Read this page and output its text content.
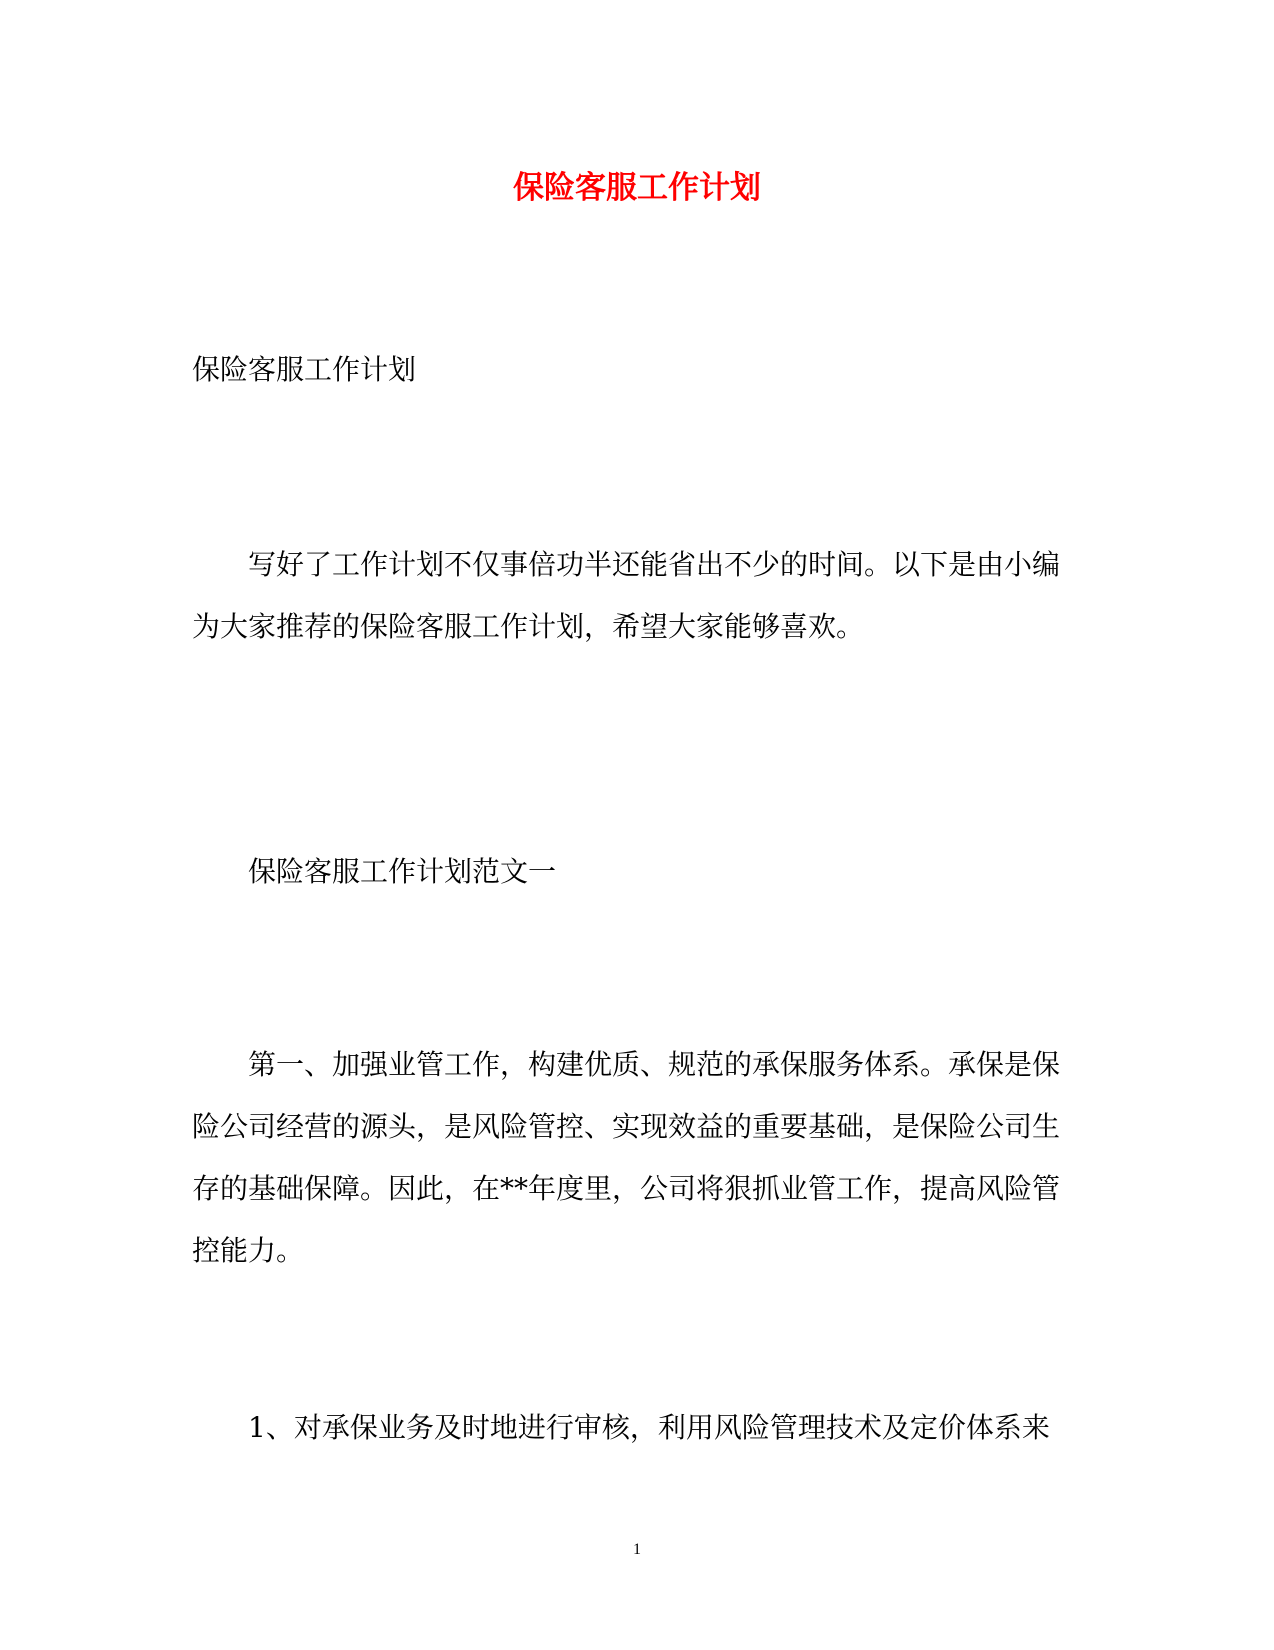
保险客服工作计划

保险客服工作计划

写好了工作计划不仅事倍功半还能省出不少的时间。以下是由小编为大家推荐的保险客服工作计划，希望大家能够喜欢。

保险客服工作计划范文一

第一、加强业管工作，构建优质、规范的承保服务体系。承保是保险公司经营的源头，是风险管控、实现效益的重要基础，是保险公司生存的基础保障。因此，在**年度里，公司将狠抓业管工作，提高风险管控能力。

1、对承保业务及时地进行审核，利用风险管理技术及定价体系来

1
